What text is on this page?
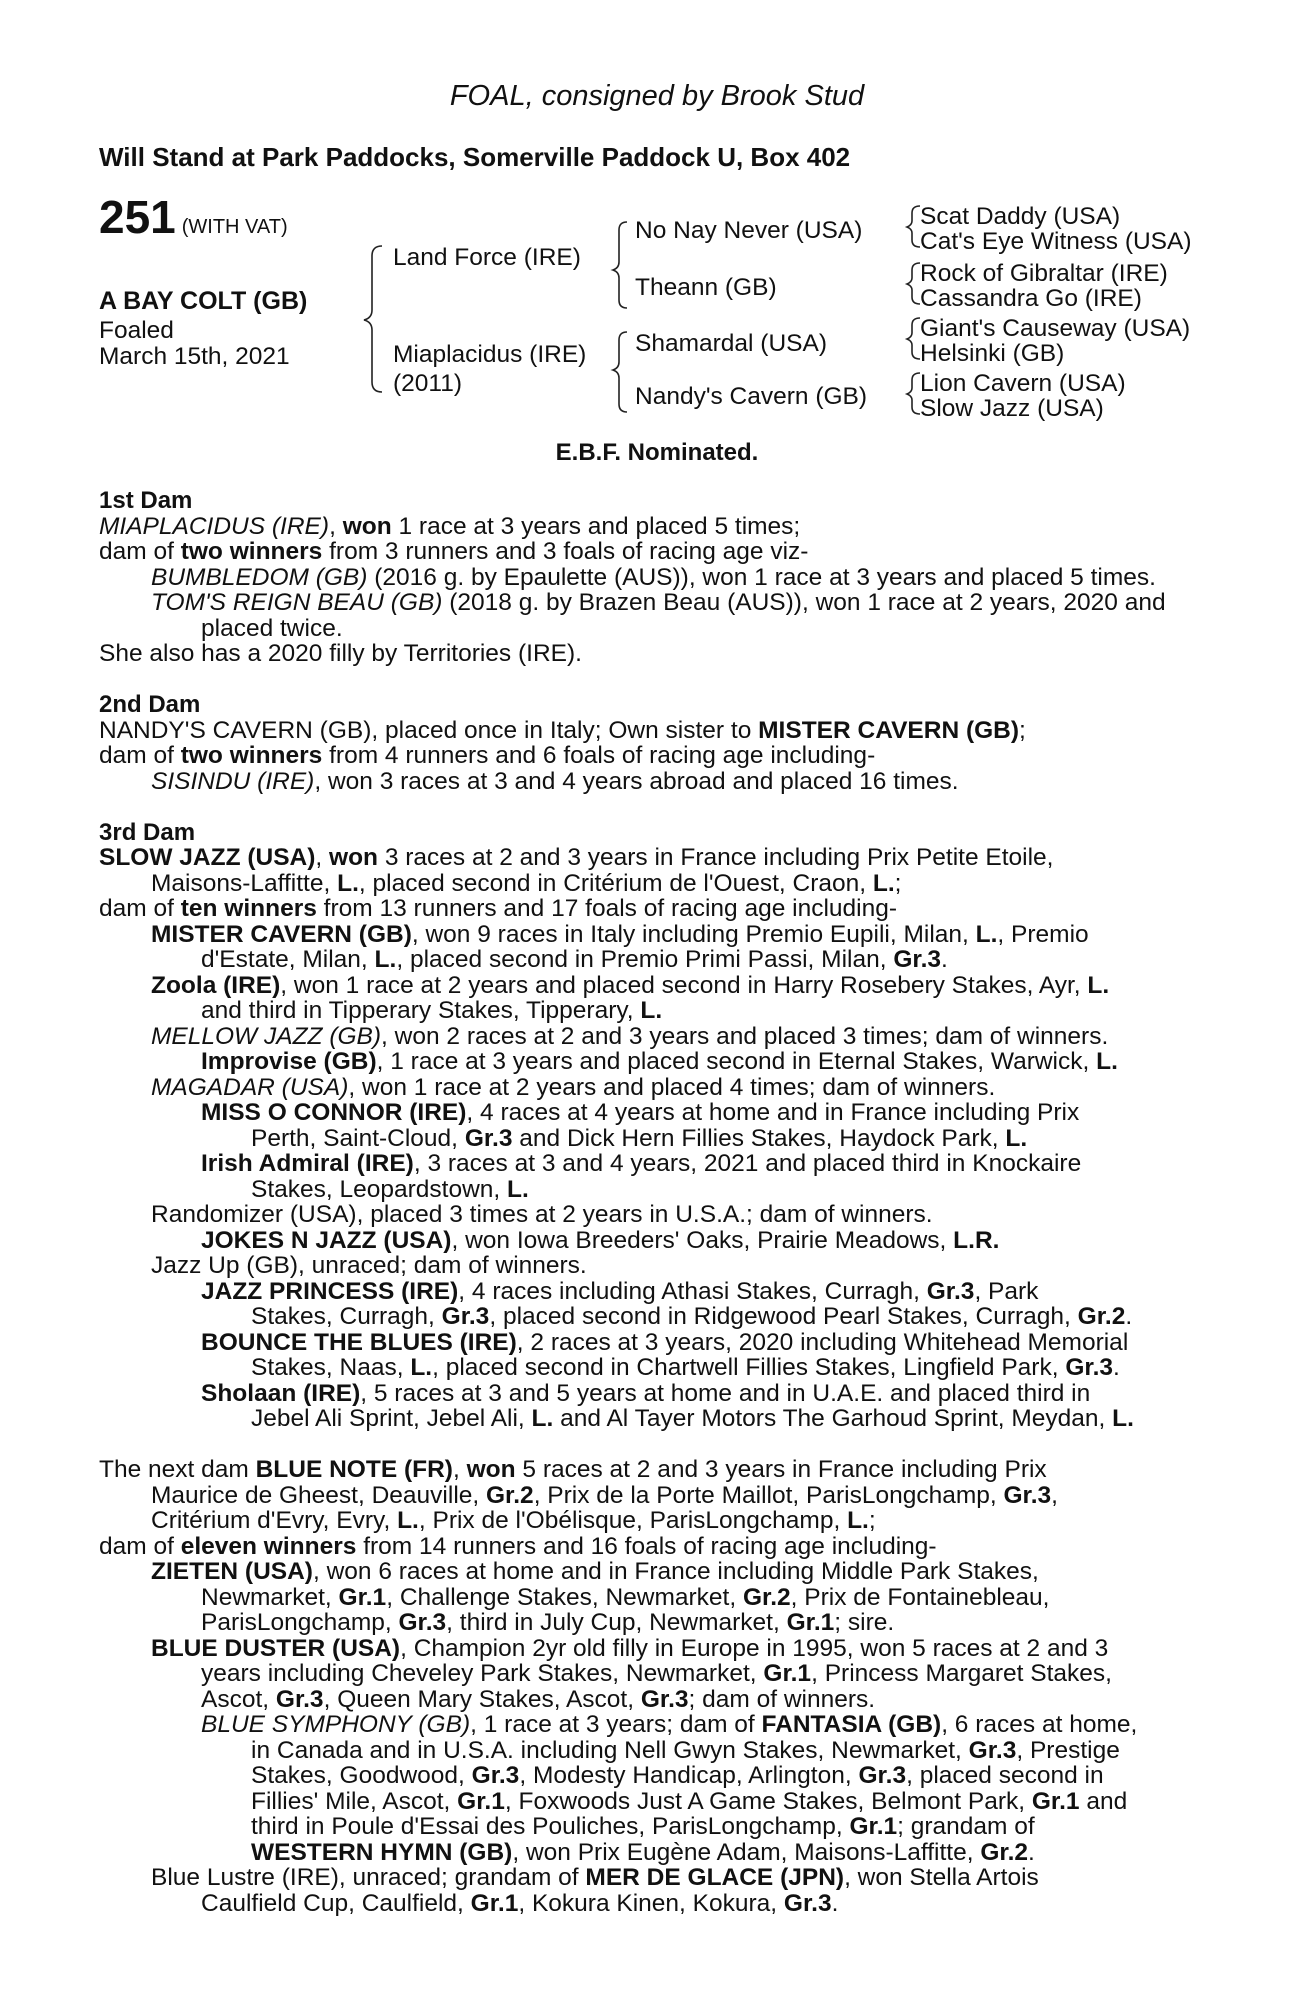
FOAL, consigned by Brook Stud
Will Stand at Park Paddocks, Somerville Paddock U, Box 402
251 (WITH VAT)
A BAY COLT (GB)
Foaled
March 15th, 2021
Land Force (IRE)
Miaplacidus (IRE)
(2011)
No Nay Never (USA)
Theann (GB)
Shamardal (USA)
Nandy's Cavern (GB)
Scat Daddy (USA)
Cat's Eye Witness (USA)
Rock of Gibraltar (IRE)
Cassandra Go (IRE)
Giant's Causeway (USA)
Helsinki (GB)
Lion Cavern (USA)
Slow Jazz (USA)
E.B.F. Nominated.
1st Dam
MIAPLACIDUS (IRE), won 1 race at 3 years and placed 5 times;
dam of two winners from 3 runners and 3 foals of racing age viz-
BUMBLEDOM (GB) (2016 g. by Epaulette (AUS)), won 1 race at 3 years and placed 5 times.
TOM'S REIGN BEAU (GB) (2018 g. by Brazen Beau (AUS)), won 1 race at 2 years, 2020 and
placed twice.
She also has a 2020 filly by Territories (IRE).
2nd Dam
NANDY'S CAVERN (GB), placed once in Italy; Own sister to MISTER CAVERN (GB);
dam of two winners from 4 runners and 6 foals of racing age including-
SISINDU (IRE), won 3 races at 3 and 4 years abroad and placed 16 times.
3rd Dam
SLOW JAZZ (USA), won 3 races at 2 and 3 years in France including Prix Petite Etoile,
Maisons-Laffitte, L., placed second in Critérium de l'Ouest, Craon, L.;
dam of ten winners from 13 runners and 17 foals of racing age including-
MISTER CAVERN (GB), won 9 races in Italy including Premio Eupili, Milan, L., Premio
d'Estate, Milan, L., placed second in Premio Primi Passi, Milan, Gr.3.
Zoola (IRE), won 1 race at 2 years and placed second in Harry Rosebery Stakes, Ayr, L.
and third in Tipperary Stakes, Tipperary, L.
MELLOW JAZZ (GB), won 2 races at 2 and 3 years and placed 3 times; dam of winners.
Improvise (GB), 1 race at 3 years and placed second in Eternal Stakes, Warwick, L.
MAGADAR (USA), won 1 race at 2 years and placed 4 times; dam of winners.
MISS O CONNOR (IRE), 4 races at 4 years at home and in France including Prix
Perth, Saint-Cloud, Gr.3 and Dick Hern Fillies Stakes, Haydock Park, L.
Irish Admiral (IRE), 3 races at 3 and 4 years, 2021 and placed third in Knockaire
Stakes, Leopardstown, L.
Randomizer (USA), placed 3 times at 2 years in U.S.A.; dam of winners.
JOKES N JAZZ (USA), won Iowa Breeders' Oaks, Prairie Meadows, L.R.
Jazz Up (GB), unraced; dam of winners.
JAZZ PRINCESS (IRE), 4 races including Athasi Stakes, Curragh, Gr.3, Park
Stakes, Curragh, Gr.3, placed second in Ridgewood Pearl Stakes, Curragh, Gr.2.
BOUNCE THE BLUES (IRE), 2 races at 3 years, 2020 including Whitehead Memorial
Stakes, Naas, L., placed second in Chartwell Fillies Stakes, Lingfield Park, Gr.3.
Sholaan (IRE), 5 races at 3 and 5 years at home and in U.A.E. and placed third in
Jebel Ali Sprint, Jebel Ali, L. and Al Tayer Motors The Garhoud Sprint, Meydan, L.
The next dam BLUE NOTE (FR), won 5 races at 2 and 3 years in France including Prix
Maurice de Gheest, Deauville, Gr.2, Prix de la Porte Maillot, ParisLongchamp, Gr.3,
Critérium d'Evry, Evry, L., Prix de l'Obélisque, ParisLongchamp, L.;
dam of eleven winners from 14 runners and 16 foals of racing age including-
ZIETEN (USA), won 6 races at home and in France including Middle Park Stakes,
Newmarket, Gr.1, Challenge Stakes, Newmarket, Gr.2, Prix de Fontainebleau,
ParisLongchamp, Gr.3, third in July Cup, Newmarket, Gr.1; sire.
BLUE DUSTER (USA), Champion 2yr old filly in Europe in 1995, won 5 races at 2 and 3
years including Cheveley Park Stakes, Newmarket, Gr.1, Princess Margaret Stakes,
Ascot, Gr.3, Queen Mary Stakes, Ascot, Gr.3; dam of winners.
BLUE SYMPHONY (GB), 1 race at 3 years; dam of FANTASIA (GB), 6 races at home,
in Canada and in U.S.A. including Nell Gwyn Stakes, Newmarket, Gr.3, Prestige
Stakes, Goodwood, Gr.3, Modesty Handicap, Arlington, Gr.3, placed second in
Fillies' Mile, Ascot, Gr.1, Foxwoods Just A Game Stakes, Belmont Park, Gr.1 and
third in Poule d'Essai des Pouliches, ParisLongchamp, Gr.1; grandam of
WESTERN HYMN (GB), won Prix Eugène Adam, Maisons-Laffitte, Gr.2.
Blue Lustre (IRE), unraced; grandam of MER DE GLACE (JPN), won Stella Artois
Caulfield Cup, Caulfield, Gr.1, Kokura Kinen, Kokura, Gr.3.
